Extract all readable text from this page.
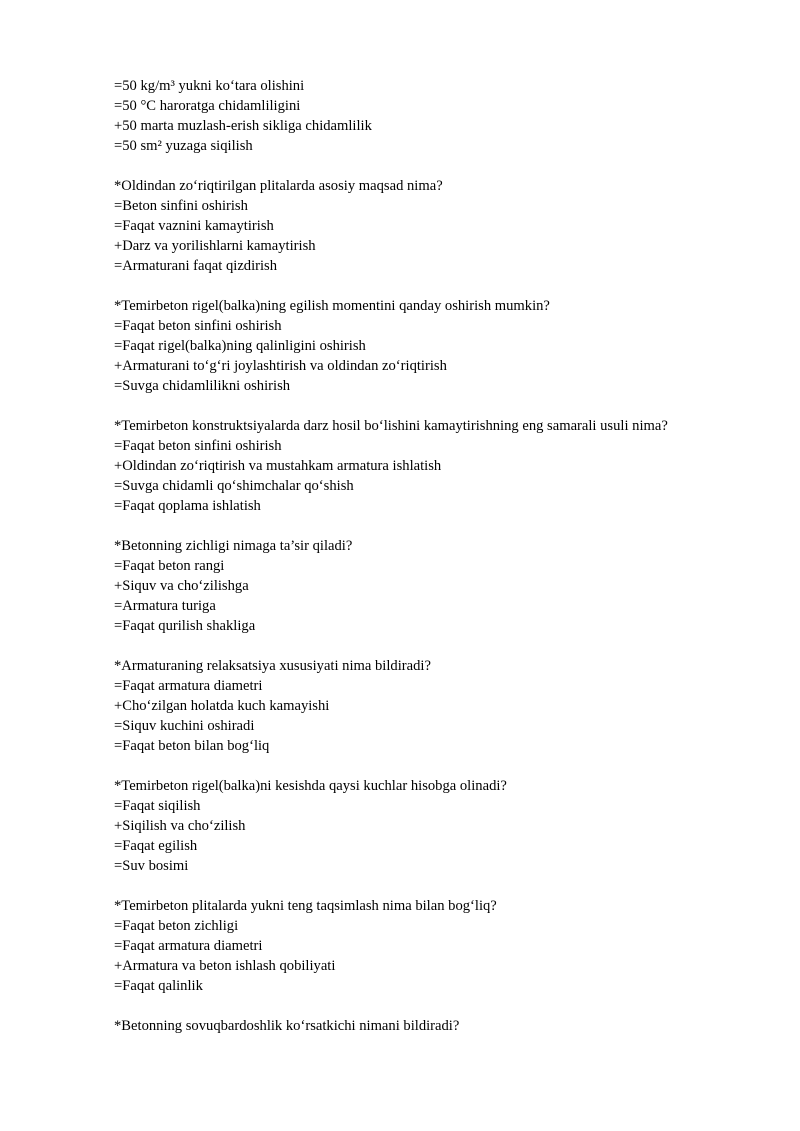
=50 kg/m³ yukni ko‘tara olishini
=50 °C haroratga chidamliligini
+50 marta muzlash-erish sikliga chidamlilik
=50 sm² yuzaga siqilish
*Oldindan zo‘riqtirilgan plitalarda asosiy maqsad nima?
=Beton sinfini oshirish
=Faqat vaznini kamaytirish
+Darz va yorilishlarni kamaytirish
=Armaturani faqat qizdirish
*Temirbeton rigel(balka)ning egilish momentini qanday oshirish mumkin?
=Faqat beton sinfini oshirish
=Faqat rigel(balka)ning qalinligini oshirish
+Armaturani to‘g‘ri joylashtirish va oldindan zo‘riqtirish
=Suvga chidamlilikni oshirish
*Temirbeton konstruktsiyalarda darz hosil bo‘lishini kamaytirishning eng samarali usuli nima?
=Faqat beton sinfini oshirish
+Oldindan zo‘riqtirish va mustahkam armatura ishlatish
=Suvga chidamli qo‘shimchalar qo‘shish
=Faqat qoplama ishlatish
*Betonning zichligi nimaga ta’sir qiladi?
=Faqat beton rangi
+Siquv va cho‘zilishga
=Armatura turiga
=Faqat qurilish shakliga
*Armaturaning relaksatsiya xususiyati nima bildiradi?
=Faqat armatura diametri
+Cho‘zilgan holatda kuch kamayishi
=Siquv kuchini oshiradi
=Faqat beton bilan bog‘liq
*Temirbeton rigel(balka)ni kesishda qaysi kuchlar hisobga olinadi?
=Faqat siqilish
+Siqilish va cho‘zilish
=Faqat egilish
=Suv bosimi
*Temirbeton plitalarda yukni teng taqsimlash nima bilan bog‘liq?
=Faqat beton zichligi
=Faqat armatura diametri
+Armatura va beton ishlash qobiliyati
=Faqat qalinlik
*Betonning sovuqbardoshlik ko‘rsatkichi nimani bildiradi?
